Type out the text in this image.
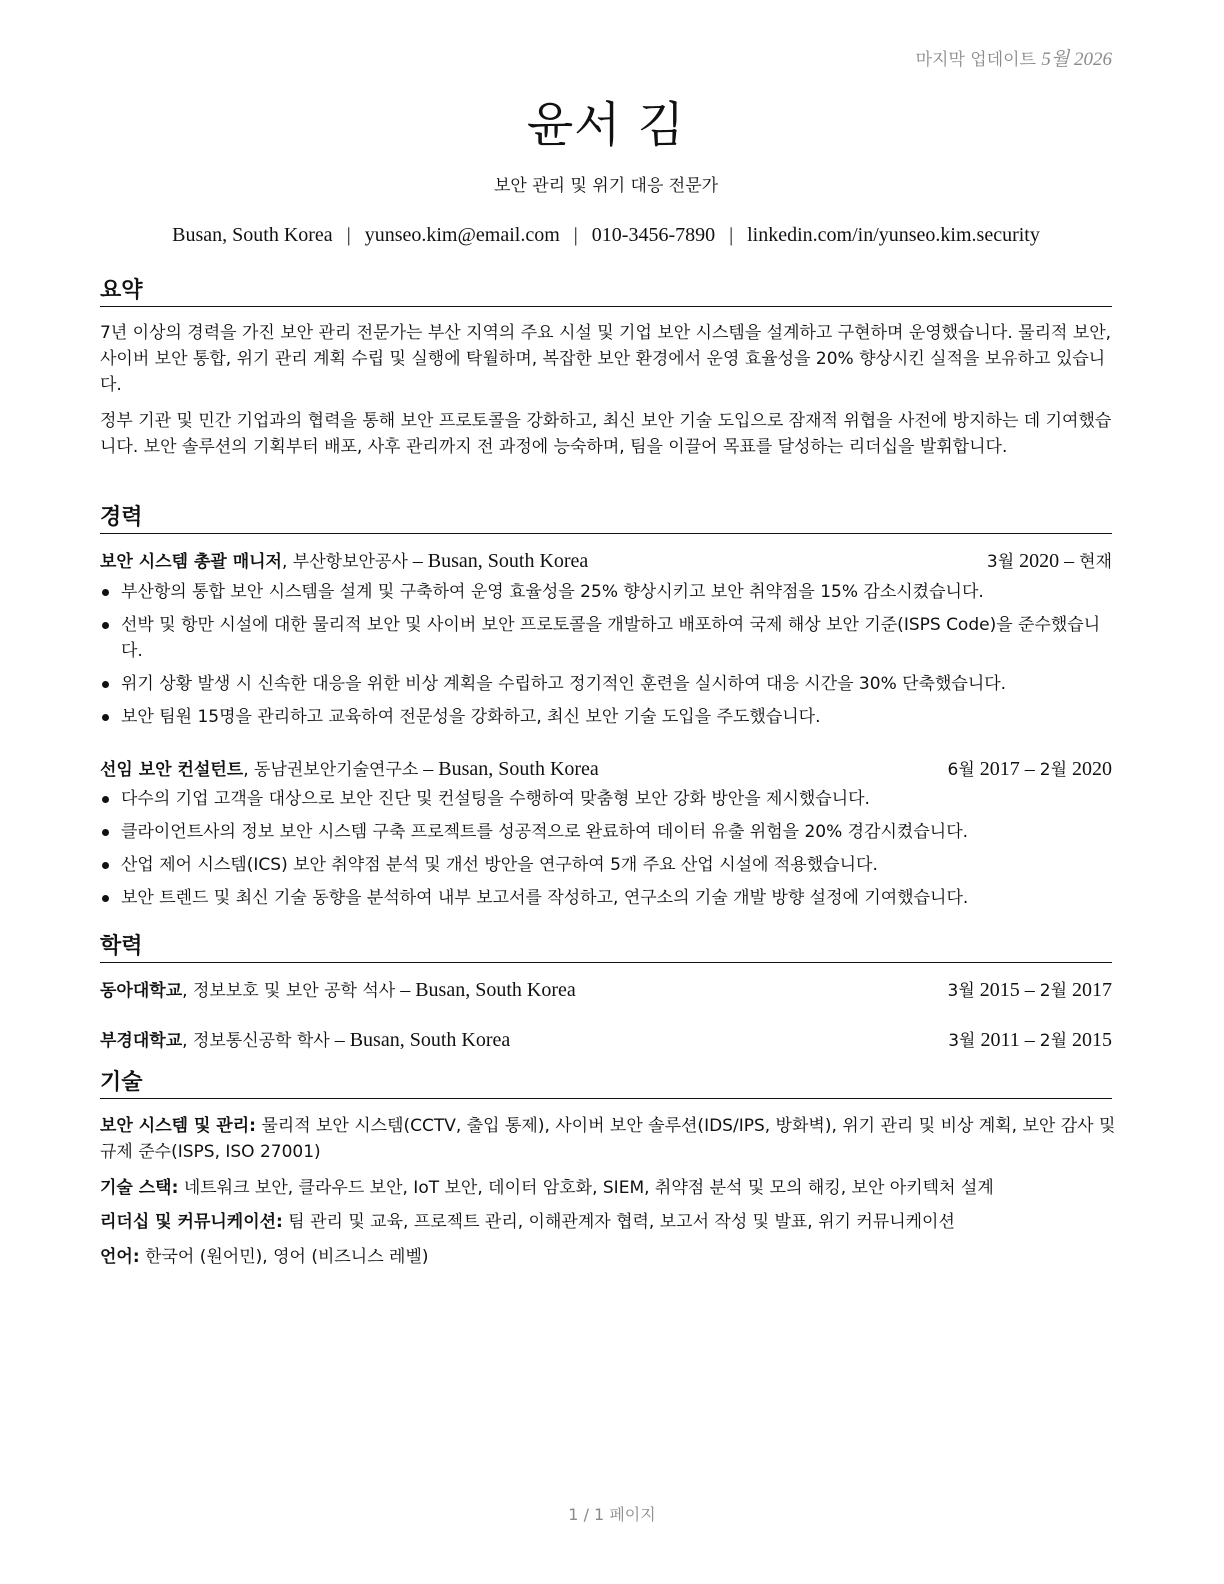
마지막 업데이트 5월 2026
윤서 김
보안 관리 및 위기 대응 전문가
Busan, South Korea | yunseo.kim@email.com | 010-3456-7890 | linkedin.com/in/yunseo.kim.security
요약
7년 이상의 경력을 가진 보안 관리 전문가는 부산 지역의 주요 시설 및 기업 보안 시스템을 설계하고 구현하며 운영했습니다. 물리적 보안, 사이버 보안 통합, 위기 관리 계획 수립 및 실행에 탁월하며, 복잡한 보안 환경에서 운영 효율성을 20% 향상시킨 실적을 보유하고 있습니다.
정부 기관 및 민간 기업과의 협력을 통해 보안 프로토콜을 강화하고, 최신 보안 기술 도입으로 잠재적 위협을 사전에 방지하는 데 기여했습니다. 보안 솔루션의 기획부터 배포, 사후 관리까지 전 과정에 능숙하며, 팀을 이끌어 목표를 달성하는 리더십을 발휘합니다.
경력
보안 시스템 총괄 매니저, 부산항보안공사 – Busan, South Korea	3월 2020 – 현재
부산항의 통합 보안 시스템을 설계 및 구축하여 운영 효율성을 25% 향상시키고 보안 취약점을 15% 감소시켰습니다.
선박 및 항만 시설에 대한 물리적 보안 및 사이버 보안 프로토콜을 개발하고 배포하여 국제 해상 보안 기준(ISPS Code)을 준수했습니다.
위기 상황 발생 시 신속한 대응을 위한 비상 계획을 수립하고 정기적인 훈련을 실시하여 대응 시간을 30% 단축했습니다.
보안 팀원 15명을 관리하고 교육하여 전문성을 강화하고, 최신 보안 기술 도입을 주도했습니다.
선임 보안 컨설턴트, 동남권보안기술연구소 – Busan, South Korea	6월 2017 – 2월 2020
다수의 기업 고객을 대상으로 보안 진단 및 컨설팅을 수행하여 맞춤형 보안 강화 방안을 제시했습니다.
클라이언트사의 정보 보안 시스템 구축 프로젝트를 성공적으로 완료하여 데이터 유출 위험을 20% 경감시켰습니다.
산업 제어 시스템(ICS) 보안 취약점 분석 및 개선 방안을 연구하여 5개 주요 산업 시설에 적용했습니다.
보안 트렌드 및 최신 기술 동향을 분석하여 내부 보고서를 작성하고, 연구소의 기술 개발 방향 설정에 기여했습니다.
학력
동아대학교, 정보보호 및 보안 공학 석사 – Busan, South Korea	3월 2015 – 2월 2017
부경대학교, 정보통신공학 학사 – Busan, South Korea	3월 2011 – 2월 2015
기술
보안 시스템 및 관리: 물리적 보안 시스템(CCTV, 출입 통제), 사이버 보안 솔루션(IDS/IPS, 방화벽), 위기 관리 및 비상 계획, 보안 감사 및 규제 준수(ISPS, ISO 27001)
기술 스택: 네트워크 보안, 클라우드 보안, IoT 보안, 데이터 암호화, SIEM, 취약점 분석 및 모의 해킹, 보안 아키텍처 설계
리더십 및 커뮤니케이션: 팀 관리 및 교육, 프로젝트 관리, 이해관계자 협력, 보고서 작성 및 발표, 위기 커뮤니케이션
언어: 한국어 (원어민), 영어 (비즈니스 레벨)
1 / 1 페이지
